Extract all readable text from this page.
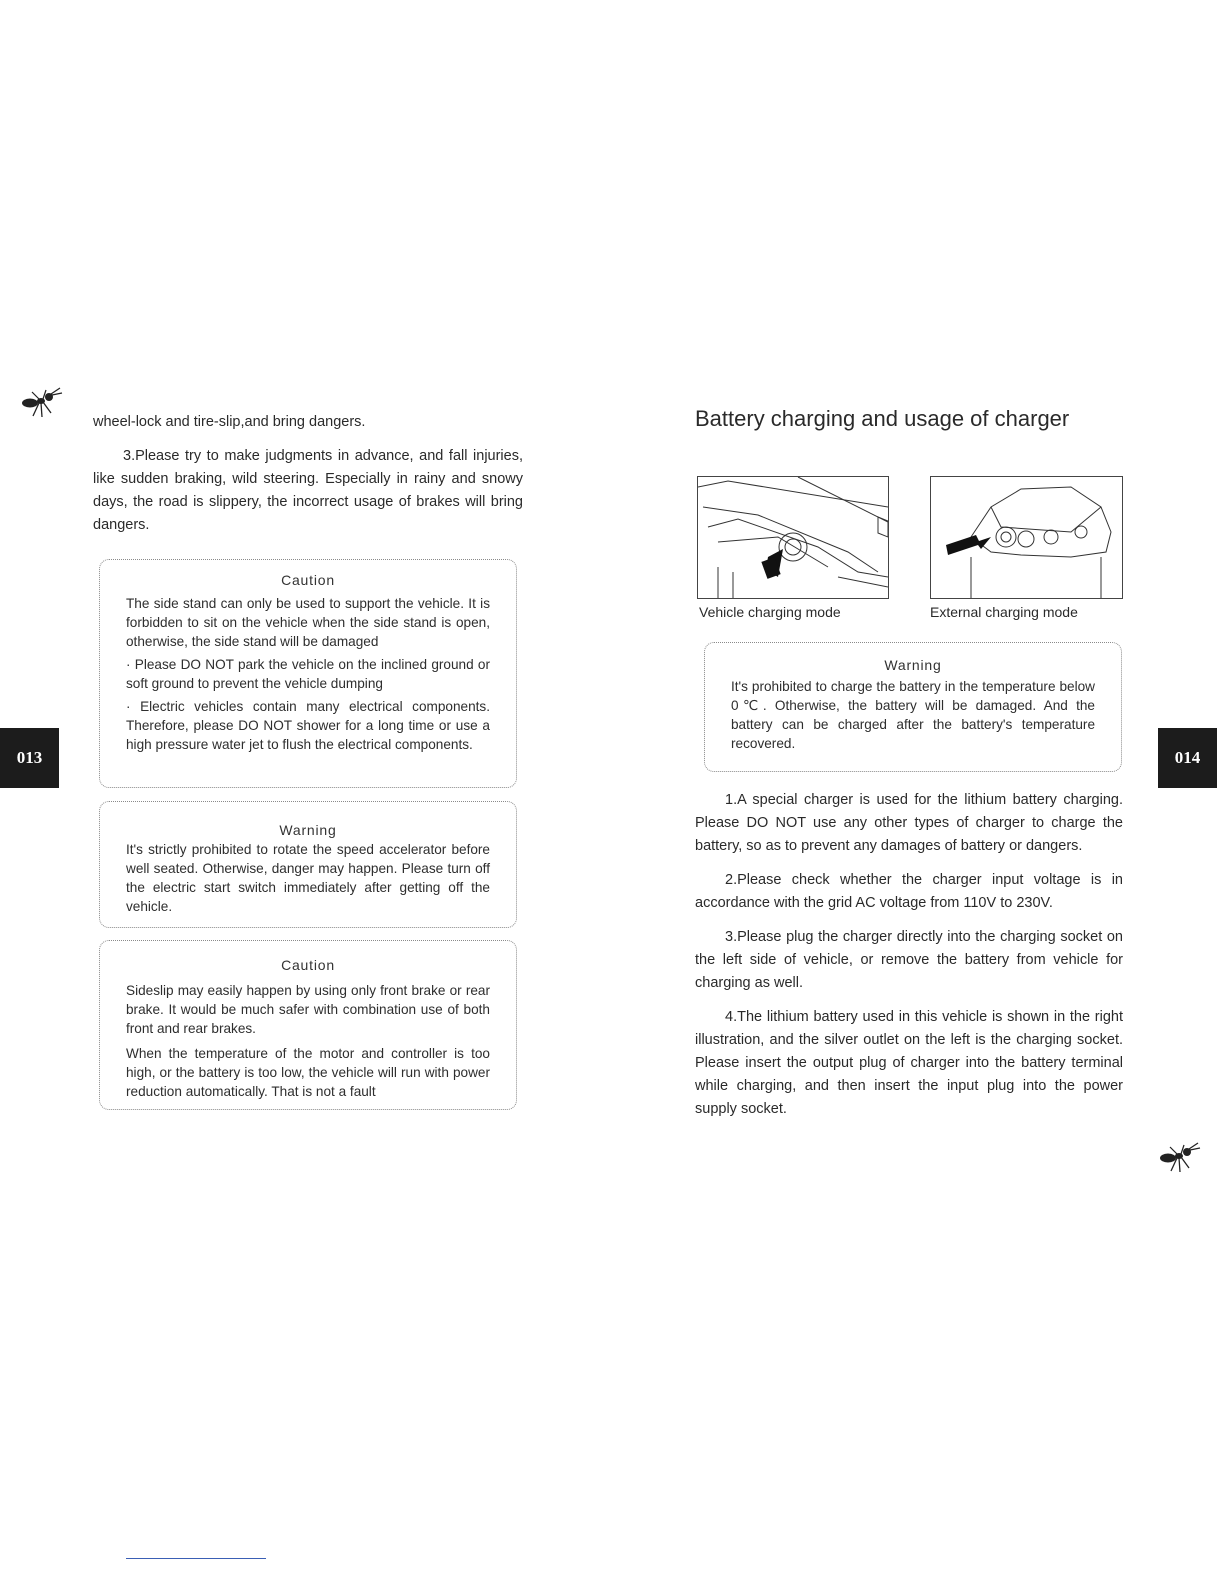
013

wheel-lock and tire-slip,and bring dangers.

3.Please try to make judgments in advance, and fall injuries, like sudden braking, wild steering. Especially in rainy and snowy days, the road is slippery, the incorrect usage of brakes will bring dangers.

Caution

The side stand can only be used to support the vehicle. It is forbidden to sit on the vehicle when the side stand is open, otherwise, the side stand will be damaged

· Please DO NOT park the vehicle on the inclined ground or soft ground to prevent the vehicle dumping

· Electric vehicles contain many electrical components. Therefore, please DO NOT shower for a long time or use a high pressure water jet to flush the electrical components.

Warning

It's strictly prohibited to rotate the speed accelerator before well seated. Otherwise, danger may happen. Please turn off the electric start switch immediately after getting off the vehicle.

Caution

Sideslip may easily happen by using only front brake or rear brake. It would be much safer with combination use of both front and rear brakes.

When the temperature of the motor and controller is too high, or the battery is too low, the vehicle will run with power reduction automatically. That is not a fault

Battery charging and usage of charger
Vehicle charging mode	External charging mode
Warning

It's prohibited to charge the battery in the temperature below 0℃. Otherwise, the battery will be damaged. And the battery can be charged after the battery's temperature recovered.

1.A special charger is used for the lithium battery charging. Please DO NOT use any other types of charger to charge the battery, so as to prevent any damages of battery or dangers.

2.Please check whether the charger input voltage is in accordance with the grid AC voltage from 110V to 230V.

3.Please plug the charger directly into the charging socket on the left side of vehicle, or remove the battery from vehicle for charging as well.

4.The lithium battery used in this vehicle is shown in the right illustration, and the silver outlet on the left is the charging socket. Please insert the output plug of charger into the battery terminal while charging, and then insert the input plug into the power supply socket.

014
